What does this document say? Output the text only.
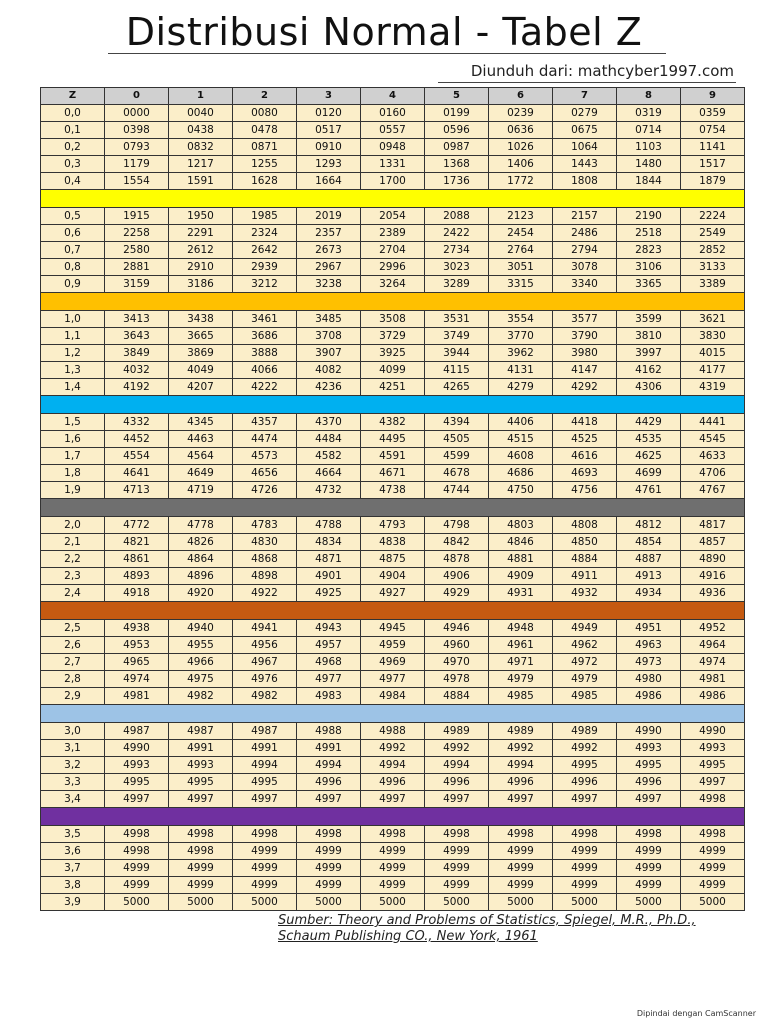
Distribusi Normal - Tabel Z
Diunduh dari: mathcyber1997.com
Z	0	1	2	3	4	5	6	7	8	9
0,0	0000	0040	0080	0120	0160	0199	0239	0279	0319	0359
0,1	0398	0438	0478	0517	0557	0596	0636	0675	0714	0754
0,2	0793	0832	0871	0910	0948	0987	1026	1064	1103	1141
0,3	1179	1217	1255	1293	1331	1368	1406	1443	1480	1517
0,4	1554	1591	1628	1664	1700	1736	1772	1808	1844	1879

0,5	1915	1950	1985	2019	2054	2088	2123	2157	2190	2224
0,6	2258	2291	2324	2357	2389	2422	2454	2486	2518	2549
0,7	2580	2612	2642	2673	2704	2734	2764	2794	2823	2852
0,8	2881	2910	2939	2967	2996	3023	3051	3078	3106	3133
0,9	3159	3186	3212	3238	3264	3289	3315	3340	3365	3389

1,0	3413	3438	3461	3485	3508	3531	3554	3577	3599	3621
1,1	3643	3665	3686	3708	3729	3749	3770	3790	3810	3830
1,2	3849	3869	3888	3907	3925	3944	3962	3980	3997	4015
1,3	4032	4049	4066	4082	4099	4115	4131	4147	4162	4177
1,4	4192	4207	4222	4236	4251	4265	4279	4292	4306	4319

1,5	4332	4345	4357	4370	4382	4394	4406	4418	4429	4441
1,6	4452	4463	4474	4484	4495	4505	4515	4525	4535	4545
1,7	4554	4564	4573	4582	4591	4599	4608	4616	4625	4633
1,8	4641	4649	4656	4664	4671	4678	4686	4693	4699	4706
1,9	4713	4719	4726	4732	4738	4744	4750	4756	4761	4767

2,0	4772	4778	4783	4788	4793	4798	4803	4808	4812	4817
2,1	4821	4826	4830	4834	4838	4842	4846	4850	4854	4857
2,2	4861	4864	4868	4871	4875	4878	4881	4884	4887	4890
2,3	4893	4896	4898	4901	4904	4906	4909	4911	4913	4916
2,4	4918	4920	4922	4925	4927	4929	4931	4932	4934	4936

2,5	4938	4940	4941	4943	4945	4946	4948	4949	4951	4952
2,6	4953	4955	4956	4957	4959	4960	4961	4962	4963	4964
2,7	4965	4966	4967	4968	4969	4970	4971	4972	4973	4974
2,8	4974	4975	4976	4977	4977	4978	4979	4979	4980	4981
2,9	4981	4982	4982	4983	4984	4884	4985	4985	4986	4986

3,0	4987	4987	4987	4988	4988	4989	4989	4989	4990	4990
3,1	4990	4991	4991	4991	4992	4992	4992	4992	4993	4993
3,2	4993	4993	4994	4994	4994	4994	4994	4995	4995	4995
3,3	4995	4995	4995	4996	4996	4996	4996	4996	4996	4997
3,4	4997	4997	4997	4997	4997	4997	4997	4997	4997	4998

3,5	4998	4998	4998	4998	4998	4998	4998	4998	4998	4998
3,6	4998	4998	4999	4999	4999	4999	4999	4999	4999	4999
3,7	4999	4999	4999	4999	4999	4999	4999	4999	4999	4999
3,8	4999	4999	4999	4999	4999	4999	4999	4999	4999	4999
3,9	5000	5000	5000	5000	5000	5000	5000	5000	5000	5000
Sumber: Theory and Problems of Statistics, Spiegel, M.R., Ph.D.,
Schaum Publishing CO., New York, 1961
Dipindai dengan CamScanner
